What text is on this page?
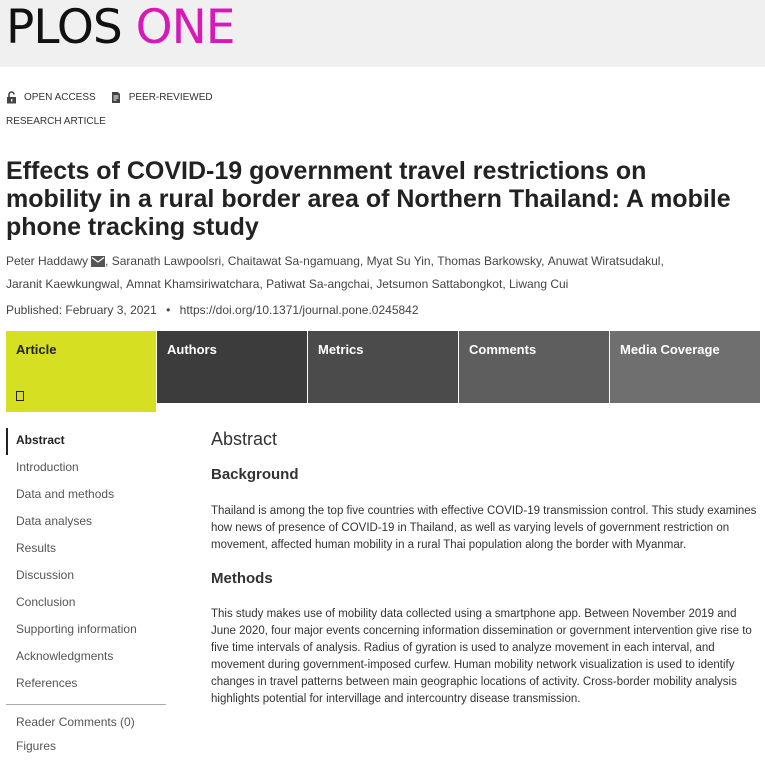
PLOS ONE
OPEN ACCESS	PEER-REVIEWED
RESEARCH ARTICLE
Effects of COVID-19 government travel restrictions on mobility in a rural border area of Northern Thailand: A mobile phone tracking study
Peter Haddawy , Saranath Lawpoolsri, Chaitawat Sa-ngamuang, Myat Su Yin, Thomas Barkowsky, Anuwat Wiratsudakul,
Jaranit Kaewkungwal, Amnat Khamsiriwatchara, Patiwat Sa-angchai, Jetsumon Sattabongkot, Liwang Cui
Published: February 3, 2021 • https://doi.org/10.1371/journal.pone.0245842
Article	Authors	Metrics	Comments	Media Coverage
Abstract
Introduction
Data and methods
Data analyses
Results
Discussion
Conclusion
Supporting information
Acknowledgments
References
Reader Comments (0)
Figures
Abstract
Background

Thailand is among the top five countries with effective COVID-19 transmission control. This study examines how news of presence of COVID-19 in Thailand, as well as varying levels of government restriction on movement, affected human mobility in a rural Thai population along the border with Myanmar.

Methods

This study makes use of mobility data collected using a smartphone app. Between November 2019 and June 2020, four major events concerning information dissemination or government intervention give rise to five time intervals of analysis. Radius of gyration is used to analyze movement in each interval, and movement during government-imposed curfew. Human mobility network visualization is used to identify changes in travel patterns between main geographic locations of activity. Cross-border mobility analysis highlights potential for intervillage and intercountry disease transmission.
